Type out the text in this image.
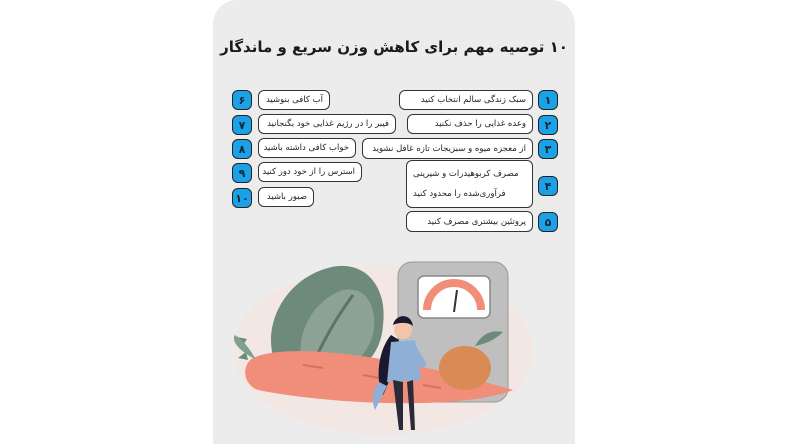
۱۰ توصیه مهم برای کاهش وزن سریع و ماندگار
۱
سبک زندگی سالم انتخاب کنید
۲
وعده غذایی را حذف نکنید
۳
از معجزه میوه و سبزیجات تازه غافل نشوید
۴
مصرف کربوهیدرات و شیرینی
فرآوری‌شده را محدود کنید
۵
پروتئین بیشتری مصرف کنید
۶	آب کافی بنوشید
۷	فیبر را در رژیم غذایی خود بگنجانید
۸	خواب کافی داشته باشید
۹	استرس را از خود دور کنید
۱۰	صبور باشید
